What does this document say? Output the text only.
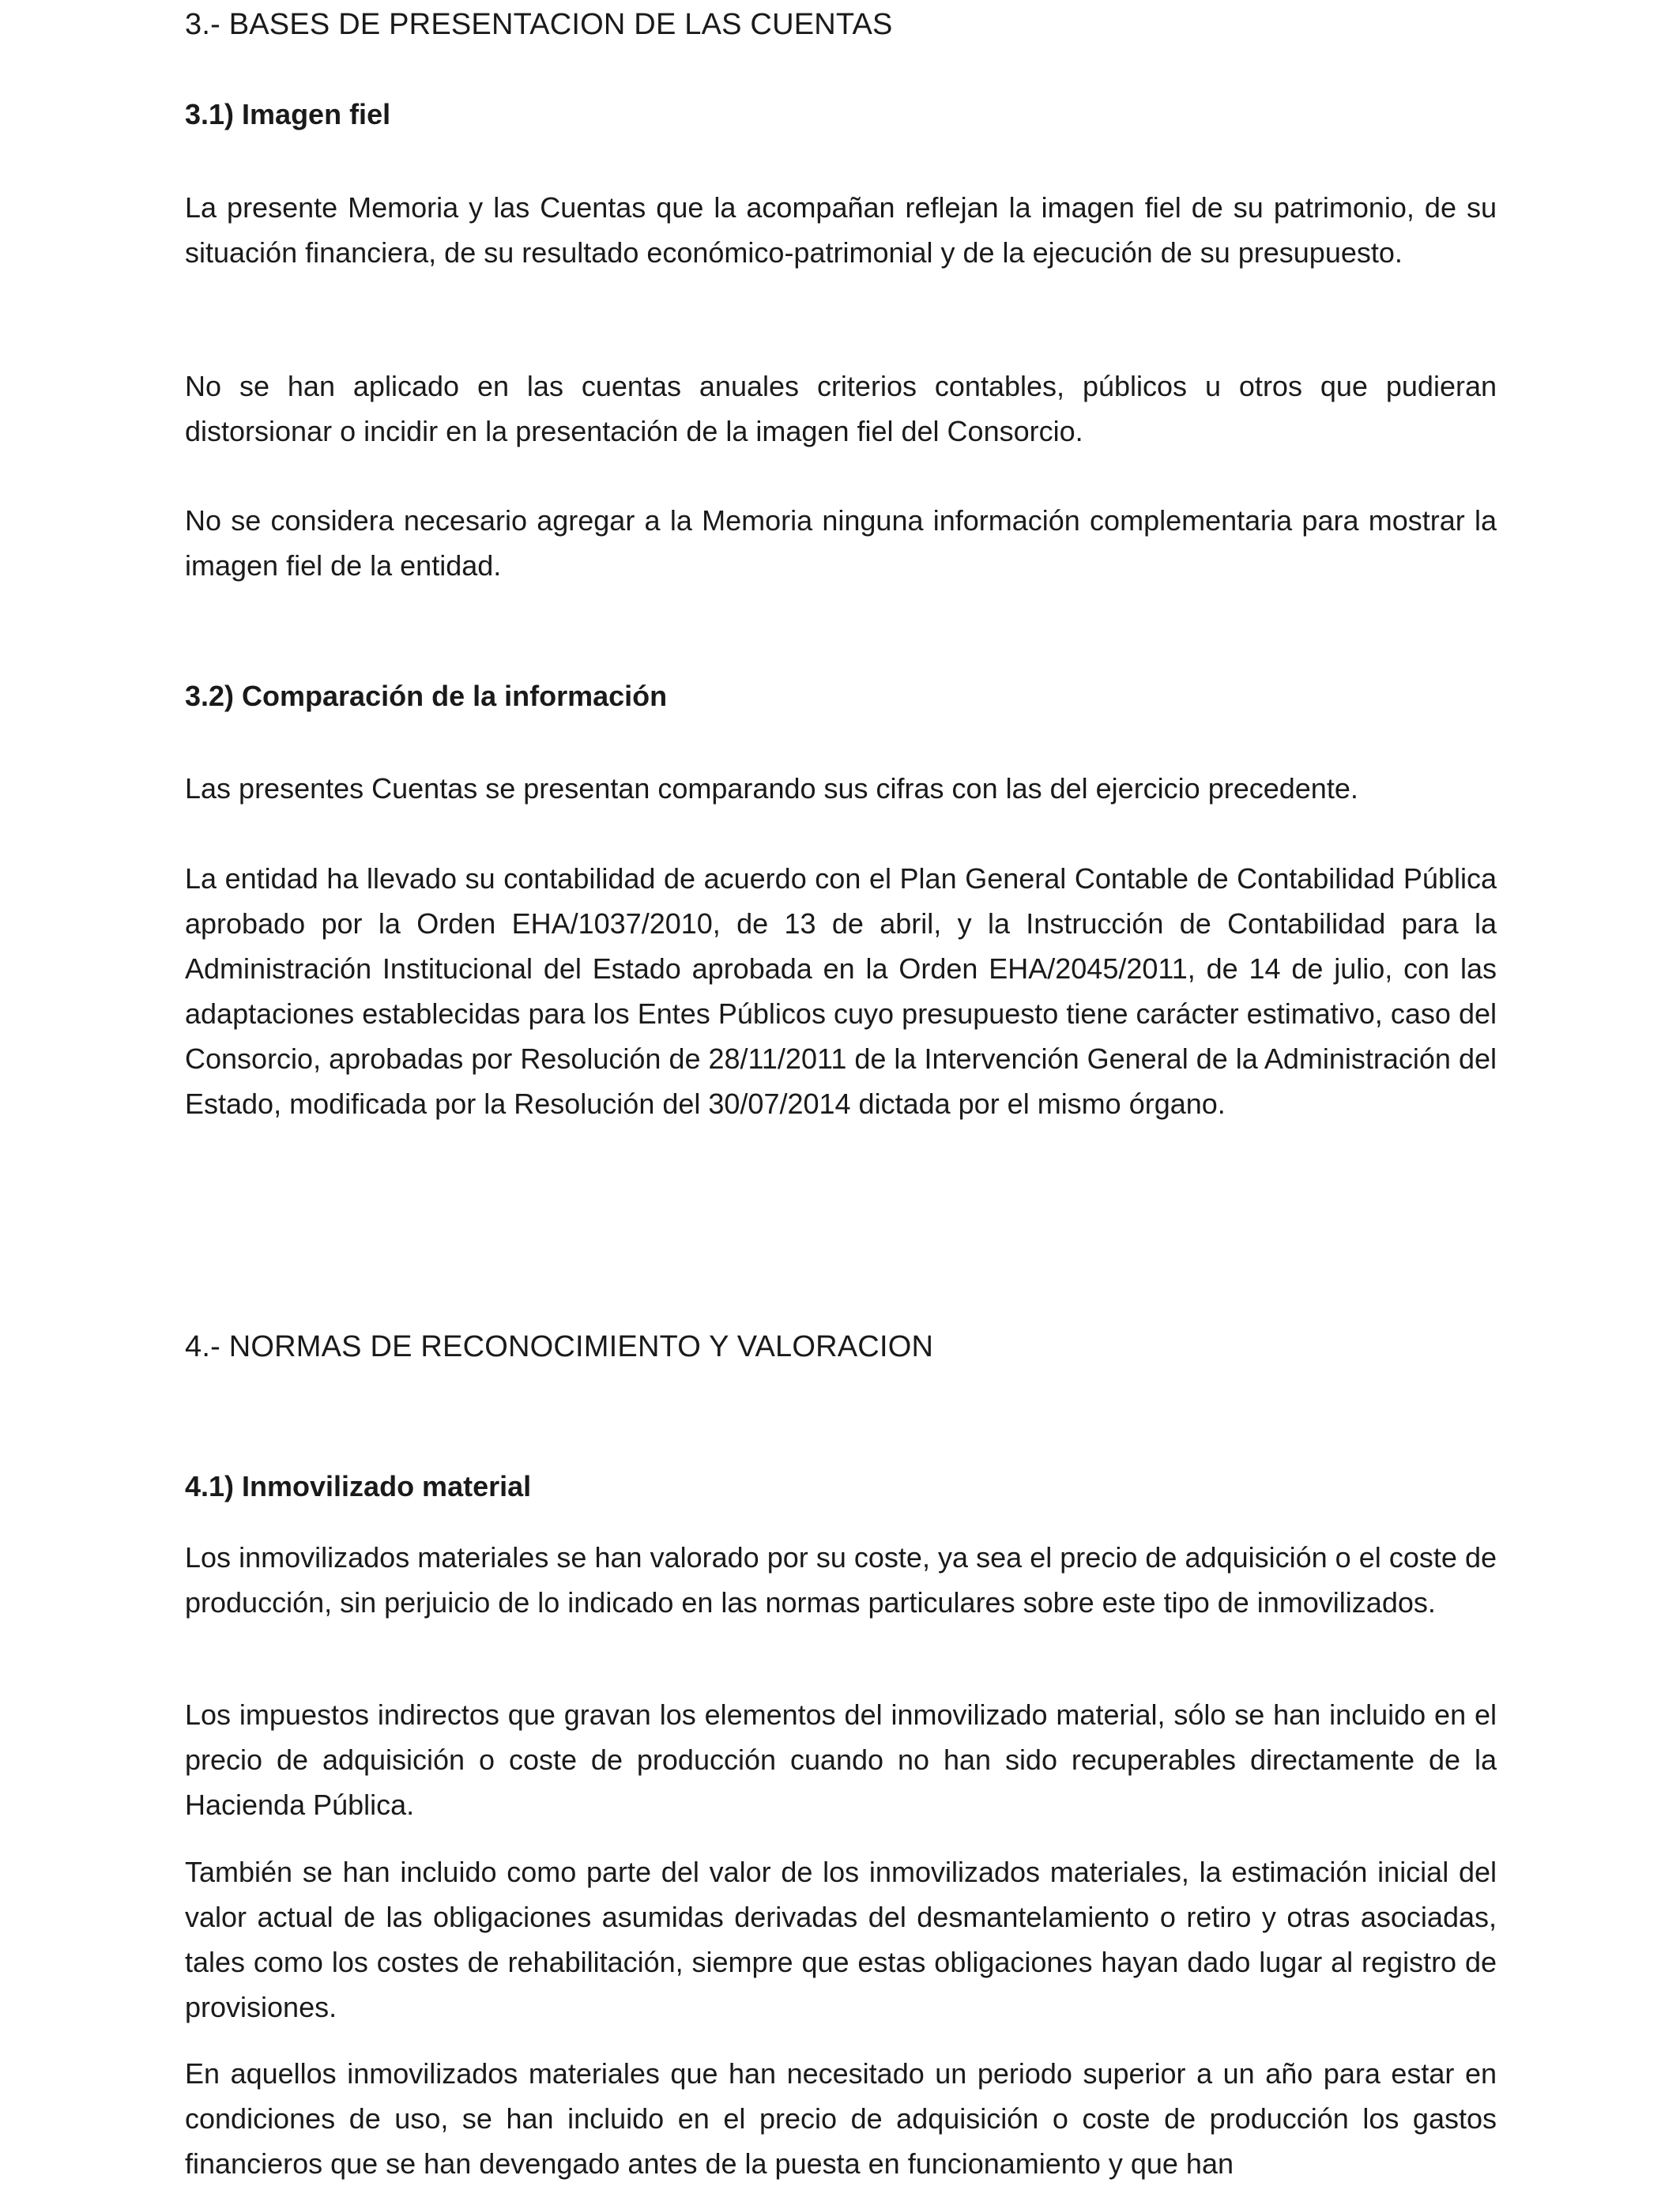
3.- BASES DE PRESENTACION DE LAS CUENTAS
3.1) Imagen fiel

La presente Memoria y las Cuentas que la acompañan reflejan la imagen fiel de su patrimonio, de su situación financiera, de su resultado económico-patrimonial y de la ejecución de su presupuesto.

No se han aplicado en las cuentas anuales criterios contables, públicos u otros que pudieran distorsionar o incidir en la presentación de la imagen fiel del Consorcio.

No se considera necesario agregar a la Memoria ninguna información complementaria para mostrar la imagen fiel de la entidad.

3.2) Comparación de la información

Las presentes Cuentas se presentan comparando sus cifras con las del ejercicio precedente.

La entidad ha llevado su contabilidad de acuerdo con el Plan General Contable de Contabilidad Pública aprobado por la Orden EHA/1037/2010, de 13 de abril, y la Instrucción de Contabilidad para la Administración Institucional del Estado aprobada en la Orden EHA/2045/2011, de 14 de julio, con las adaptaciones establecidas para los Entes Públicos cuyo presupuesto tiene carácter estimativo, caso del Consorcio, aprobadas por Resolución de 28/11/2011 de la Intervención General de la Administración del Estado, modificada por la Resolución del 30/07/2014 dictada por el mismo órgano.

4.- NORMAS DE RECONOCIMIENTO Y VALORACION
4.1) Inmovilizado material

Los inmovilizados materiales se han valorado por su coste, ya sea el precio de adquisición o el coste de producción, sin perjuicio de lo indicado en las normas particulares sobre este tipo de inmovilizados.

Los impuestos indirectos que gravan los elementos del inmovilizado material, sólo se han incluido en el precio de adquisición o coste de producción cuando no han sido recuperables directamente de la Hacienda Pública.

También se han incluido como parte del valor de los inmovilizados materiales, la estimación inicial del valor actual de las obligaciones asumidas derivadas del desmantelamiento o retiro y otras asociadas, tales como los costes de rehabilitación, siempre que estas obligaciones hayan dado lugar al registro de provisiones.

En aquellos inmovilizados materiales que han necesitado un periodo superior a un año para estar en condiciones de uso, se han incluido en el precio de adquisición o coste de producción los gastos financieros que se han devengado antes de la puesta en funcionamiento y que han
